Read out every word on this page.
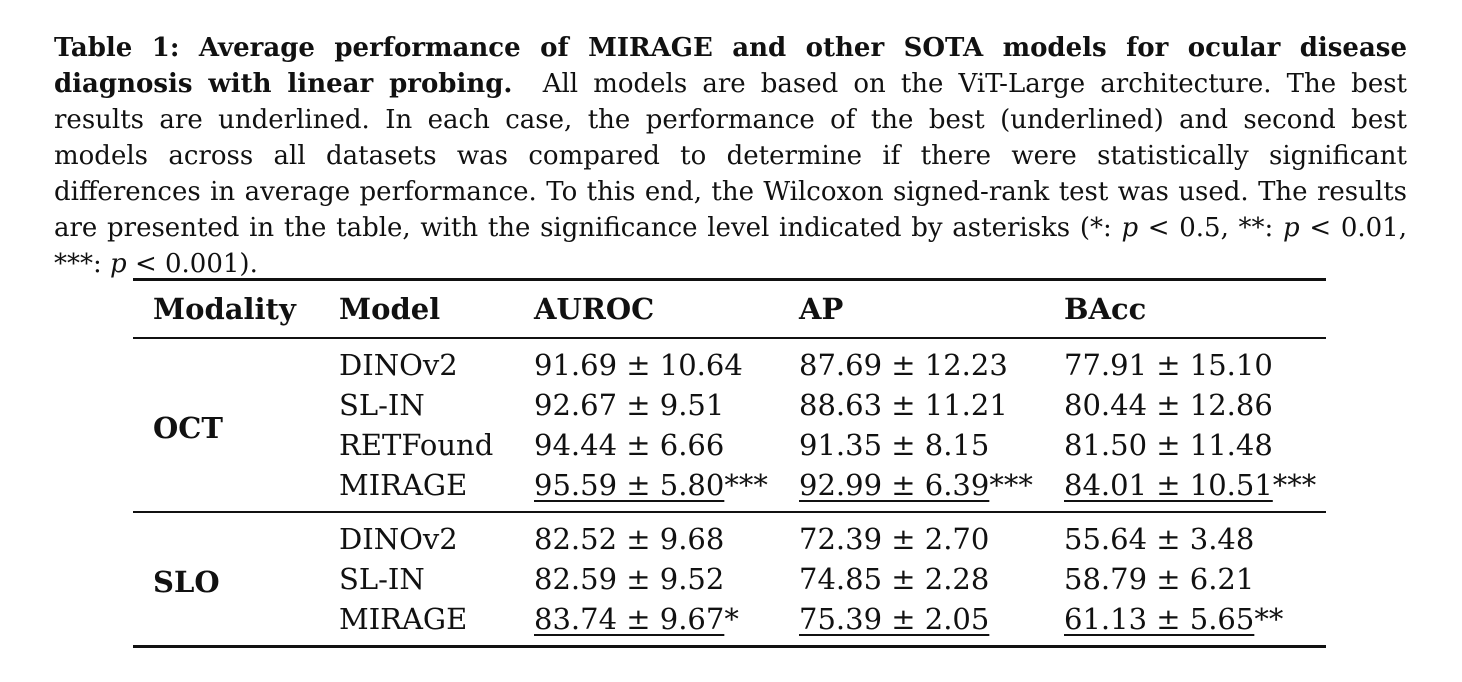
Table 1: Average performance of MIRAGE and other SOTA models for ocular disease diagnosis with linear probing. All models are based on the ViT-Large architecture. The best results are underlined. In each case, the performance of the best (underlined) and second best models across all datasets was compared to determine if there were statistically significant differences in average performance. To this end, the Wilcoxon signed-rank test was used. The results are presented in the table, with the significance level indicated by asterisks (*: p < 0.5, **: p < 0.01, ***: p < 0.001).
Modality	Model	AUROC	AP	BAcc
OCT	DINOv2	91.69 ± 10.64	87.69 ± 12.23	77.91 ± 15.10
	SL-IN	92.67 ± 9.51	88.63 ± 11.21	80.44 ± 12.86
	RETFound	94.44 ± 6.66	91.35 ± 8.15	81.50 ± 11.48
	MIRAGE	95.59 ± 5.80***	92.99 ± 6.39***	84.01 ± 10.51***
SLO	DINOv2	82.52 ± 9.68	72.39 ± 2.70	55.64 ± 3.48
	SL-IN	82.59 ± 9.52	74.85 ± 2.28	58.79 ± 6.21
	MIRAGE	83.74 ± 9.67*	75.39 ± 2.05	61.13 ± 5.65**
